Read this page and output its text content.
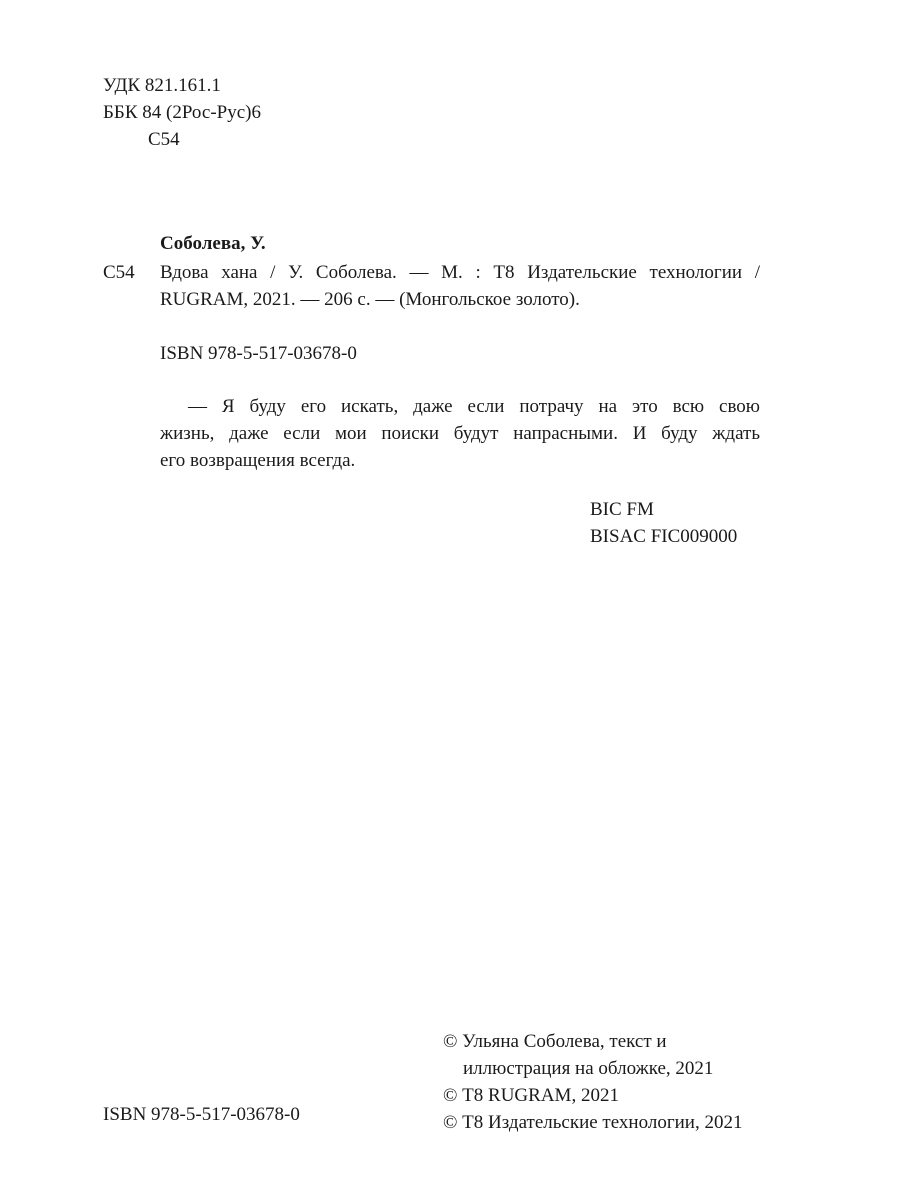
УДК 821.161.1
ББК 84 (2Рос-Рус)6
С54
Соболева, У.
С54 Вдова хана / У. Соболева. — М. : Т8 Издательские технологии /
RUGRAM, 2021. — 206 с. — (Монгольское золото).
ISBN 978-5-517-03678-0
— Я буду его искать, даже если потрачу на это всю свою
жизнь, даже если мои поиски будут напрасными. И буду ждать
его возвращения всегда.
BIC FM
BISAC FIC009000
© Ульяна Соболева, текст и
иллюстрация на обложке, 2021
© Т8 RUGRAM, 2021
© Т8 Издательские технологии, 2021
ISBN 978-5-517-03678-0
